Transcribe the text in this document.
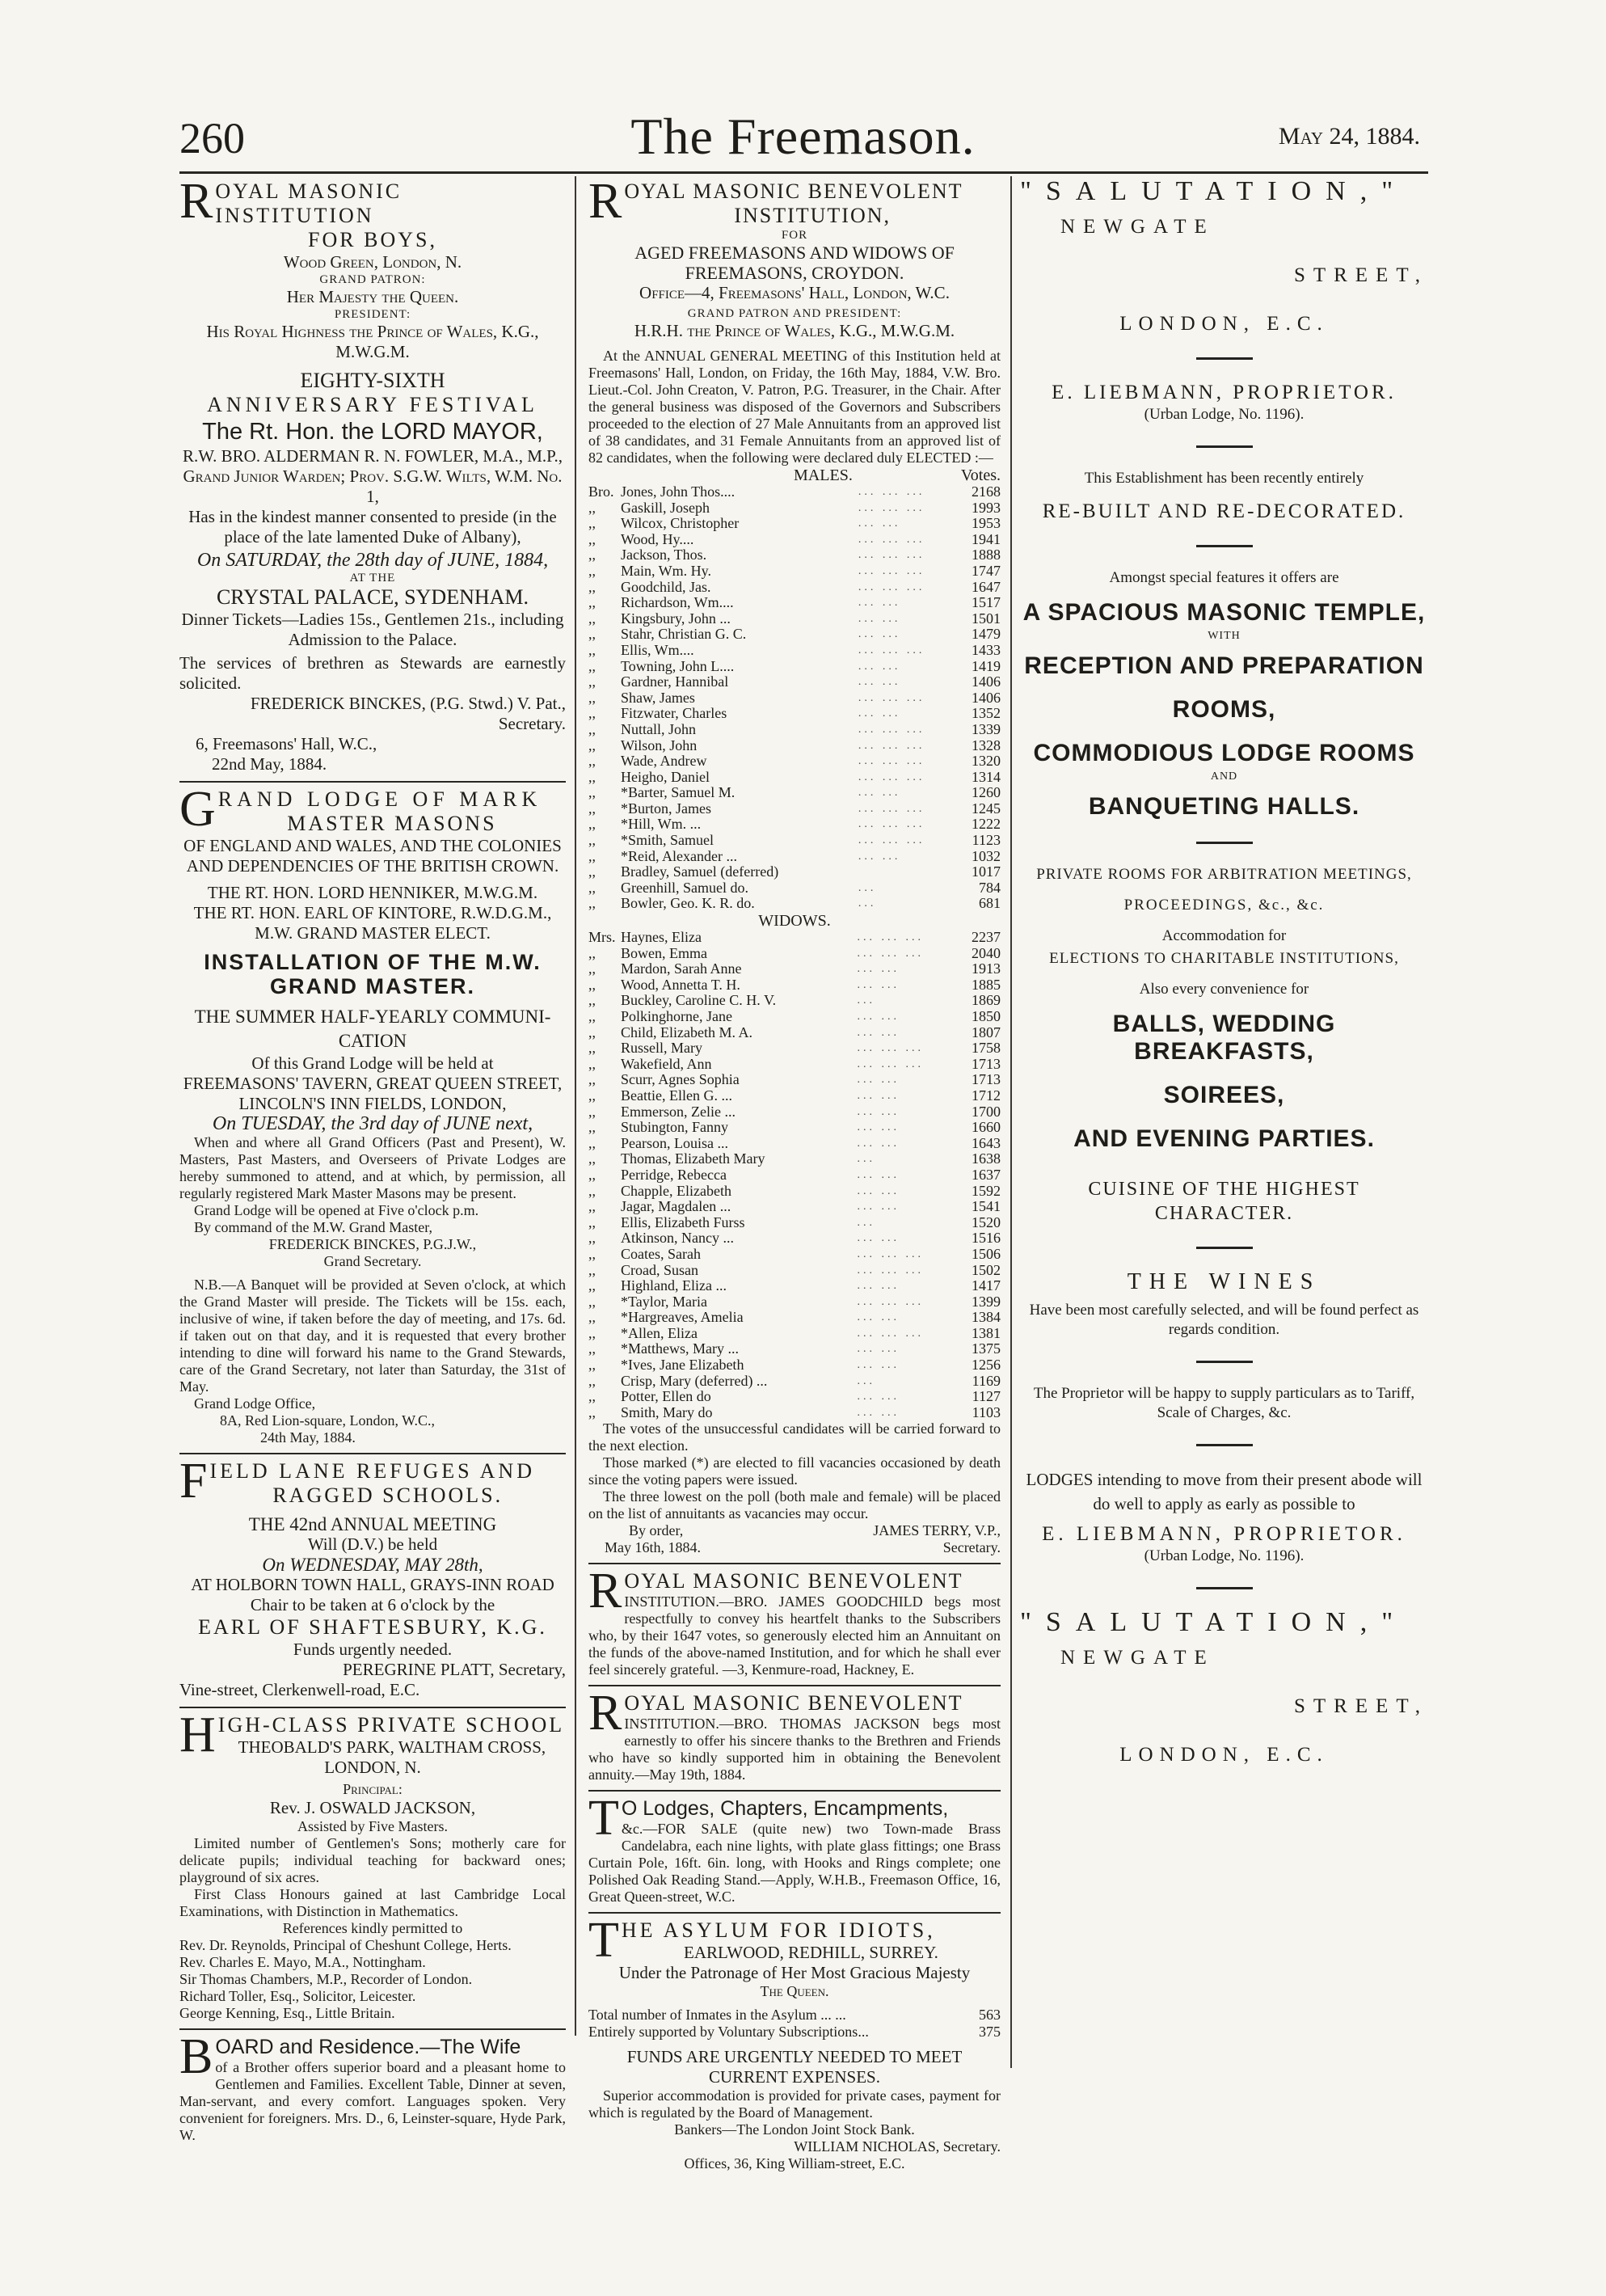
260	The Freemason.	May 24, 1884.
R OYAL MASONIC INSTITUTION
FOR BOYS,
Wood Green, London, N.
GRAND PATRON:
Her Majesty the Queen.
PRESIDENT:
His Royal Highness the Prince of Wales, K.G., M.W.G.M.
EIGHTY-SIXTH
ANNIVERSARY FESTIVAL
The Rt. Hon. the LORD MAYOR,
R.W. BRO. ALDERMAN R. N. FOWLER, M.A., M.P.,
Grand Junior Warden; Prov. S.G.W. Wilts, W.M. No. 1,
Has in the kindest manner consented to preside (in the place of the late lamented Duke of Albany),
On SATURDAY, the 28th day of JUNE, 1884,
AT THE
CRYSTAL PALACE, SYDENHAM.
Dinner Tickets—Ladies 15s., Gentlemen 21s., including Admission to the Palace.
The services of brethren as Stewards are earnestly solicited.
FREDERICK BINCKES, (P.G. Stwd.) V. Pat., Secretary.
6, Freemasons' Hall, W.C.,
22nd May, 1884.
G RAND LODGE OF MARK
MASTER MASONS
OF ENGLAND AND WALES, AND THE COLONIES
AND DEPENDENCIES OF THE BRITISH CROWN.
THE RT. HON. LORD HENNIKER, M.W.G.M.
THE RT. HON. EARL OF KINTORE, R.W.D.G.M.,
M.W. GRAND MASTER ELECT.
INSTALLATION OF THE M.W.
GRAND MASTER.
THE SUMMER HALF-YEARLY COMMUNI-
CATION
Of this Grand Lodge will be held at
FREEMASONS' TAVERN, GREAT QUEEN STREET,
LINCOLN'S INN FIELDS, LONDON,
On TUESDAY, the 3rd day of JUNE next,
When and where all Grand Officers (Past and Present), W. Masters, Past Masters, and Overseers of Private Lodges are hereby summoned to attend, and at which, by permission, all regularly registered Mark Master Masons may be present.
Grand Lodge will be opened at Five o'clock p.m.
By command of the M.W. Grand Master,
FREDERICK BINCKES, P.G.J.W.,
Grand Secretary.
N.B.—A Banquet will be provided at Seven o'clock, at which the Grand Master will preside. The Tickets will be 15s. each, inclusive of wine, if taken before the day of meeting, and 17s. 6d. if taken out on that day, and it is requested that every brother intending to dine will forward his name to the Grand Stewards, care of the Grand Secretary, not later than Saturday, the 31st of May.
Grand Lodge Office,
8A, Red Lion-square, London, W.C.,
24th May, 1884.
F IELD LANE REFUGES AND
RAGGED SCHOOLS.
THE 42nd ANNUAL MEETING
Will (D.V.) be held
On WEDNESDAY, MAY 28th,
AT HOLBORN TOWN HALL, GRAYS-INN ROAD
Chair to be taken at 6 o'clock by the
EARL OF SHAFTESBURY, K.G.
Funds urgently needed.
PEREGRINE PLATT, Secretary,
Vine-street, Clerkenwell-road, E.C.
H IGH-CLASS PRIVATE SCHOOL
THEOBALD'S PARK, WALTHAM CROSS,
LONDON, N.
Principal:
Rev. J. OSWALD JACKSON,
Assisted by Five Masters.
Limited number of Gentlemen's Sons; motherly care for delicate pupils; individual teaching for backward ones; playground of six acres.
First Class Honours gained at last Cambridge Local Examinations, with Distinction in Mathematics.
References kindly permitted to
Rev. Dr. Reynolds, Principal of Cheshunt College, Herts.
Rev. Charles E. Mayo, M.A., Nottingham.
Sir Thomas Chambers, M.P., Recorder of London.
Richard Toller, Esq., Solicitor, Leicester.
George Kenning, Esq., Little Britain.
B OARD and Residence.—The Wife
of a Brother offers superior board and a pleasant home to Gentlemen and Families. Excellent Table, Dinner at seven, Man-servant, and every comfort. Languages spoken. Very convenient for foreigners. Mrs. D., 6, Leinster-square, Hyde Park, W.
R OYAL MASONIC BENEVOLENT
INSTITUTION,
FOR
AGED FREEMASONS AND WIDOWS OF
FREEMASONS, CROYDON.
Office—4, Freemasons' Hall, London, W.C.
GRAND PATRON AND PRESIDENT:
H.R.H. the Prince of Wales, K.G., M.W.G.M.
At the ANNUAL GENERAL MEETING of this Institution held at Freemasons' Hall, London, on Friday, the 16th May, 1884, V.W. Bro. Lieut.-Col. John Creaton, V. Patron, P.G. Treasurer, in the Chair. After the general business was disposed of the Governors and Subscribers proceeded to the election of 27 Male Annuitants from an approved list of 38 candidates, and 31 Female Annuitants from an approved list of 82 candidates, when the following were declared duly ELECTED :—
MALES.	Votes.
Bro.	Jones, John Thos....	... ... ...	2168
,,	Gaskill, Joseph	... ... ...	1993
,,	Wilcox, Christopher	... ...	1953
,,	Wood, Hy....	... ... ...	1941
,,	Jackson, Thos.	... ... ...	1888
,,	Main, Wm. Hy.	... ... ...	1747
,,	Goodchild, Jas.	... ... ...	1647
,,	Richardson, Wm....	... ...	1517
,,	Kingsbury, John ...	... ...	1501
,,	Stahr, Christian G. C.	... ...	1479
,,	Ellis, Wm....	... ... ...	1433
,,	Towning, John L....	... ...	1419
,,	Gardner, Hannibal	... ...	1406
,,	Shaw, James	... ... ...	1406
,,	Fitzwater, Charles	... ...	1352
,,	Nuttall, John	... ... ...	1339
,,	Wilson, John	... ... ...	1328
,,	Wade, Andrew	... ... ...	1320
,,	Heigho, Daniel	... ... ...	1314
,,	*Barter, Samuel M.	... ...	1260
,,	*Burton, James	... ... ...	1245
,,	*Hill, Wm. ...	... ... ...	1222
,,	*Smith, Samuel	... ... ...	1123
,,	*Reid, Alexander ...	... ...	1032
,,	Bradley, Samuel (deferred)		1017
,,	Greenhill, Samuel do.	...	784
,,	Bowler, Geo. K. R. do.	...	681
WIDOWS.
Mrs.	Haynes, Eliza	... ... ...	2237
,,	Bowen, Emma	... ... ...	2040
,,	Mardon, Sarah Anne	... ...	1913
,,	Wood, Annetta T. H.	... ...	1885
,,	Buckley, Caroline C. H. V.	...	1869
,,	Polkinghorne, Jane	... ...	1850
,,	Child, Elizabeth M. A.	... ...	1807
,,	Russell, Mary	... ... ...	1758
,,	Wakefield, Ann	... ... ...	1713
,,	Scurr, Agnes Sophia	... ...	1713
,,	Beattie, Ellen G. ...	... ...	1712
,,	Emmerson, Zelie ...	... ...	1700
,,	Stubington, Fanny	... ...	1660
,,	Pearson, Louisa ...	... ...	1643
,,	Thomas, Elizabeth Mary	...	1638
,,	Perridge, Rebecca	... ...	1637
,,	Chapple, Elizabeth	... ...	1592
,,	Jagar, Magdalen ...	... ...	1541
,,	Ellis, Elizabeth Furss	...	1520
,,	Atkinson, Nancy ...	... ...	1516
,,	Coates, Sarah	... ... ...	1506
,,	Croad, Susan	... ... ...	1502
,,	Highland, Eliza ...	... ...	1417
,,	*Taylor, Maria	... ... ...	1399
,,	*Hargreaves, Amelia	... ...	1384
,,	*Allen, Eliza	... ... ...	1381
,,	*Matthews, Mary ...	... ...	1375
,,	*Ives, Jane Elizabeth	... ...	1256
,,	Crisp, Mary (deferred) ...	...	1169
,,	Potter, Ellen do	... ...	1127
,,	Smith, Mary do	... ...	1103
The votes of the unsuccessful candidates will be carried forward to the next election.
Those marked (*) are elected to fill vacancies occasioned by death since the voting papers were issued.
The three lowest on the poll (both male and female) will be placed on the list of annuitants as vacancies may occur.
By order,	JAMES TERRY, V.P.,
May 16th, 1884.	Secretary.
R OYAL MASONIC BENEVOLENT
INSTITUTION.—BRO. JAMES GOODCHILD begs most respectfully to convey his heartfelt thanks to the Subscribers who, by their 1647 votes, so generously elected him an Annuitant on the funds of the above-named Institution, and for which he shall ever feel sincerely grateful. —3, Kenmure-road, Hackney, E.
R OYAL MASONIC BENEVOLENT
INSTITUTION.—BRO. THOMAS JACKSON begs most earnestly to offer his sincere thanks to the Brethren and Friends who have so kindly supported him in obtaining the Benevolent annuity.—May 19th, 1884.
T O Lodges, Chapters, Encampments,
&c.—FOR SALE (quite new) two Town-made Brass Candelabra, each nine lights, with plate glass fittings; one Brass Curtain Pole, 16ft. 6in. long, with Hooks and Rings complete; one Polished Oak Reading Stand.—Apply, W.H.B., Freemason Office, 16, Great Queen-street, W.C.
T HE ASYLUM FOR IDIOTS,
EARLWOOD, REDHILL, SURREY.
Under the Patronage of Her Most Gracious Majesty
The Queen.
Total number of Inmates in the Asylum ... ...	563
Entirely supported by Voluntary Subscriptions...	375
FUNDS ARE URGENTLY NEEDED TO MEET
CURRENT EXPENSES.
Superior accommodation is provided for private cases, payment for which is regulated by the Board of Management.
Bankers—The London Joint Stock Bank.
WILLIAM NICHOLAS, Secretary.
Offices, 36, King William-street, E.C.
"SALUTATION,"
NEWGATE
STREET,
LONDON, E.C.
E. LIEBMANN, PROPRIETOR.
(Urban Lodge, No. 1196).
This Establishment has been recently entirely
RE-BUILT AND RE-DECORATED.
Amongst special features it offers are
A SPACIOUS MASONIC TEMPLE,
WITH
RECEPTION AND PREPARATION
ROOMS,
COMMODIOUS LODGE ROOMS
AND
BANQUETING HALLS.
PRIVATE ROOMS FOR ARBITRATION MEETINGS,
PROCEEDINGS, &c., &c.
Accommodation for
ELECTIONS TO CHARITABLE INSTITUTIONS,
Also every convenience for
BALLS, WEDDING BREAKFASTS,
SOIREES,
AND EVENING PARTIES.
CUISINE OF THE HIGHEST CHARACTER.
THE WINES
Have been most carefully selected, and will be found perfect as regards condition.
The Proprietor will be happy to supply particulars as to Tariff, Scale of Charges, &c.
LODGES intending to move from their present abode will do well to apply as early as possible to
E. LIEBMANN, PROPRIETOR.
(Urban Lodge, No. 1196).
"SALUTATION,"
NEWGATE
STREET,
LONDON, E.C.
